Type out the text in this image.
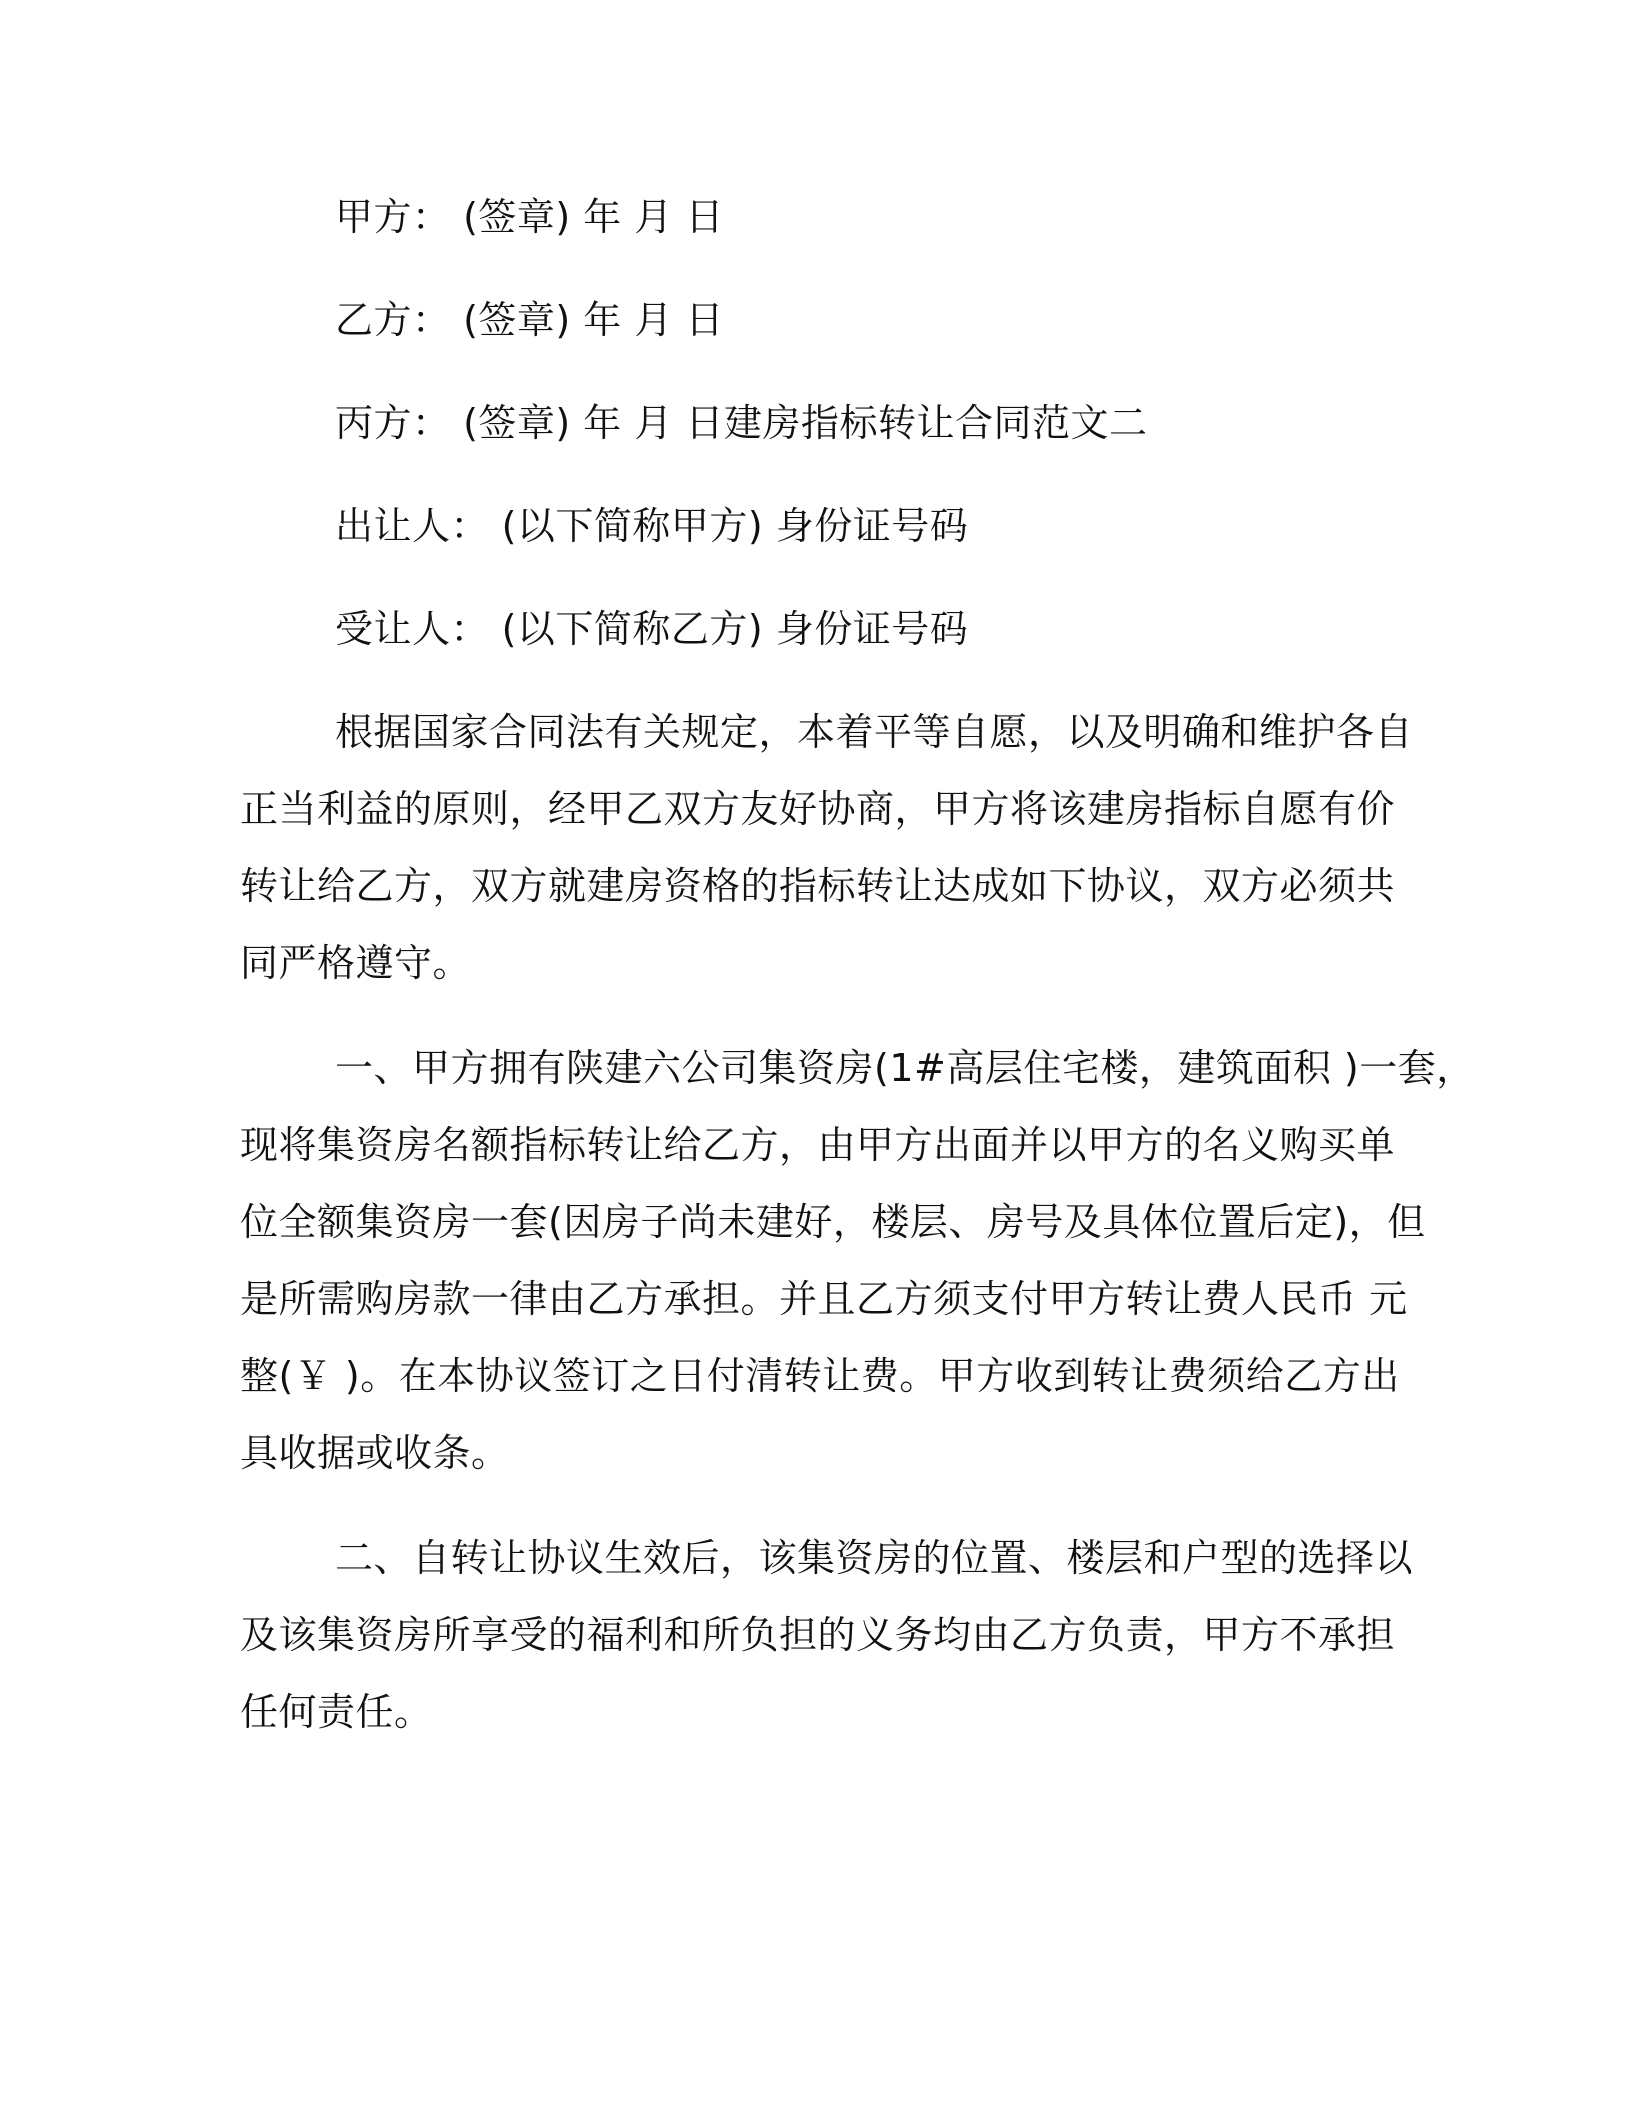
甲方： (签章) 年 月 日
乙方： (签章) 年 月 日
丙方： (签章) 年 月 日建房指标转让合同范文二
出让人： (以下简称甲方) 身份证号码
受让人： (以下简称乙方) 身份证号码
根据国家合同法有关规定，本着平等自愿，以及明确和维护各自
正当利益的原则，经甲乙双方友好协商，甲方将该建房指标自愿有价
转让给乙方，双方就建房资格的指标转让达成如下协议，双方必须共
同严格遵守。
一、甲方拥有陕建六公司集资房(1#高层住宅楼，建筑面积 )一套，
现将集资房名额指标转让给乙方，由甲方出面并以甲方的名义购买单
位全额集资房一套(因房子尚未建好，楼层、房号及具体位置后定)，但
是所需购房款一律由乙方承担。并且乙方须支付甲方转让费人民币 元
整(￥ )。在本协议签订之日付清转让费。甲方收到转让费须给乙方出
具收据或收条。
二、自转让协议生效后，该集资房的位置、楼层和户型的选择以
及该集资房所享受的福利和所负担的义务均由乙方负责，甲方不承担
任何责任。
